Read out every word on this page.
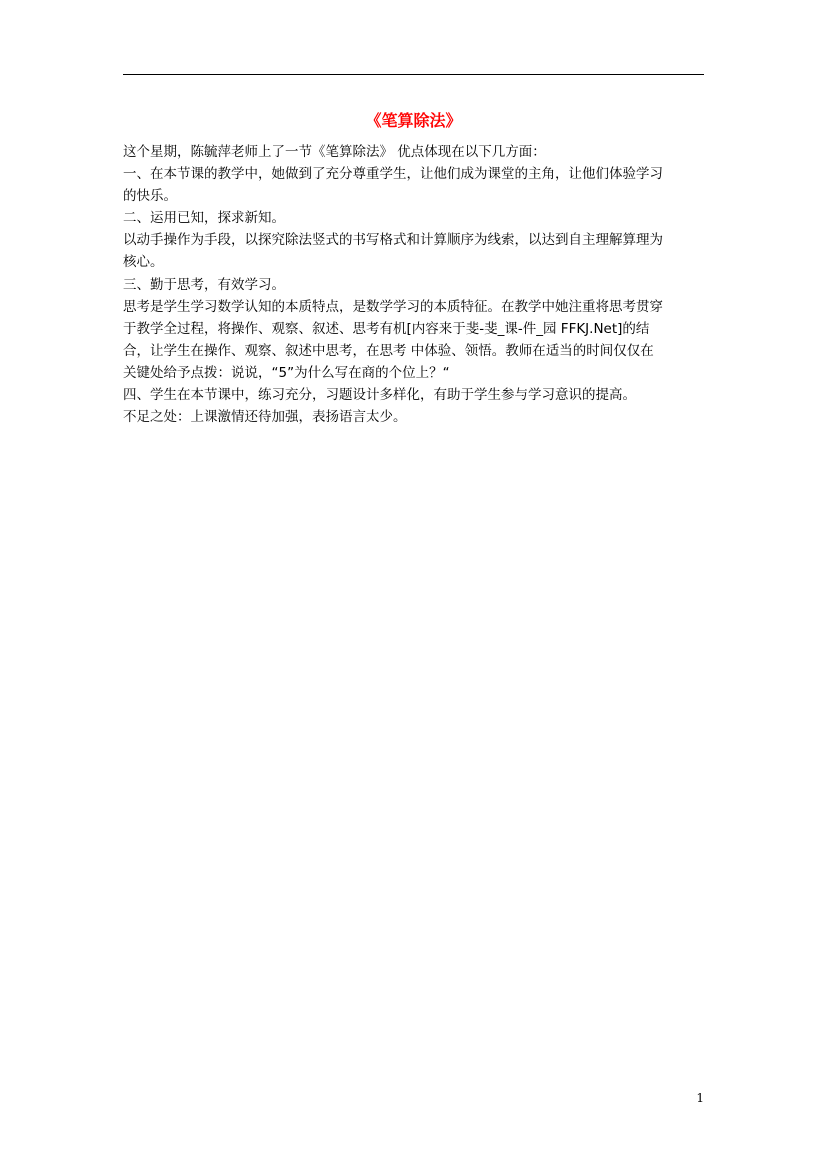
《笔算除法》

这个星期，陈毓萍老师上了一节《笔算除法》 优点体现在以下几方面：

一、在本节课的教学中，她做到了充分尊重学生，让他们成为课堂的主角，让他们体验学习

的快乐。

二、运用已知，探求新知。

以动手操作为手段，以探究除法竖式的书写格式和计算顺序为线索，以达到自主理解算理为

核心。

三、勤于思考，有效学习。

思考是学生学习数学认知的本质特点，是数学学习的本质特征。在教学中她注重将思考贯穿

于教学全过程，将操作、观察、叙述、思考有机[内容来于斐-斐_课-件_园 FFKJ.Net]的结

合，让学生在操作、观察、叙述中思考，在思考 中体验、领悟。教师在适当的时间仅仅在

关键处给予点拨：说说，“5”为什么写在商的个位上？“

四、学生在本节课中，练习充分，习题设计多样化，有助于学生参与学习意识的提高。

不足之处：上课激情还待加强，表扬语言太少。

1
